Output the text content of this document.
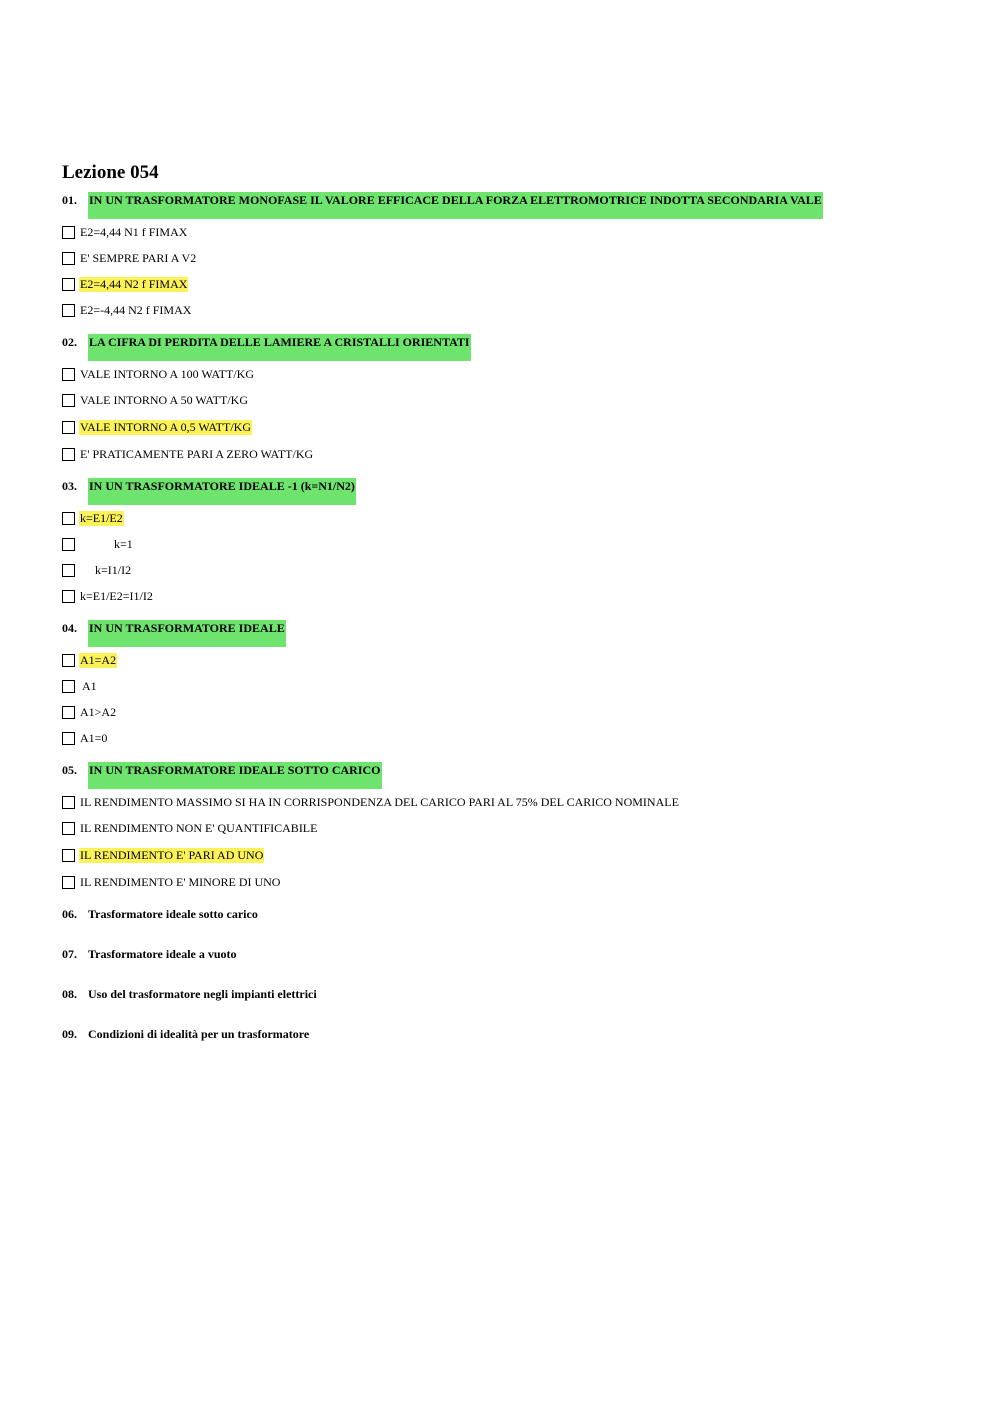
Lezione 054
01.	IN UN TRASFORMATORE MONOFASE IL VALORE EFFICACE DELLA FORZA ELETTROMOTRICE INDOTTA SECONDARIA VALE
E2=4,44 N1 f FIMAX
E' SEMPRE PARI A V2
E2=4,44 N2 f FIMAX
E2=-4,44 N2 f FIMAX
02.	LA CIFRA DI PERDITA DELLE LAMIERE A CRISTALLI ORIENTATI
VALE INTORNO A 100 WATT/KG
VALE INTORNO A 50 WATT/KG
VALE INTORNO A 0,5 WATT/KG
E' PRATICAMENTE PARI A ZERO WATT/KG
03.	IN UN TRASFORMATORE IDEALE -1 (k=N1/N2)
k=E1/E2
k=1
k=I1/I2
k=E1/E2=I1/I2
04.	IN UN TRASFORMATORE IDEALE
A1=A2
A1
A1>A2
A1=0
05.	IN UN TRASFORMATORE IDEALE SOTTO CARICO
IL RENDIMENTO MASSIMO SI HA IN CORRISPONDENZA DEL CARICO PARI AL 75% DEL CARICO NOMINALE
IL RENDIMENTO NON E' QUANTIFICABILE
IL RENDIMENTO E' PARI AD UNO
IL RENDIMENTO E' MINORE DI UNO
06. Trasformatore ideale sotto carico
07. Trasformatore ideale a vuoto
08. Uso del trasformatore negli impianti elettrici
09. Condizioni di idealità per un trasformatore
